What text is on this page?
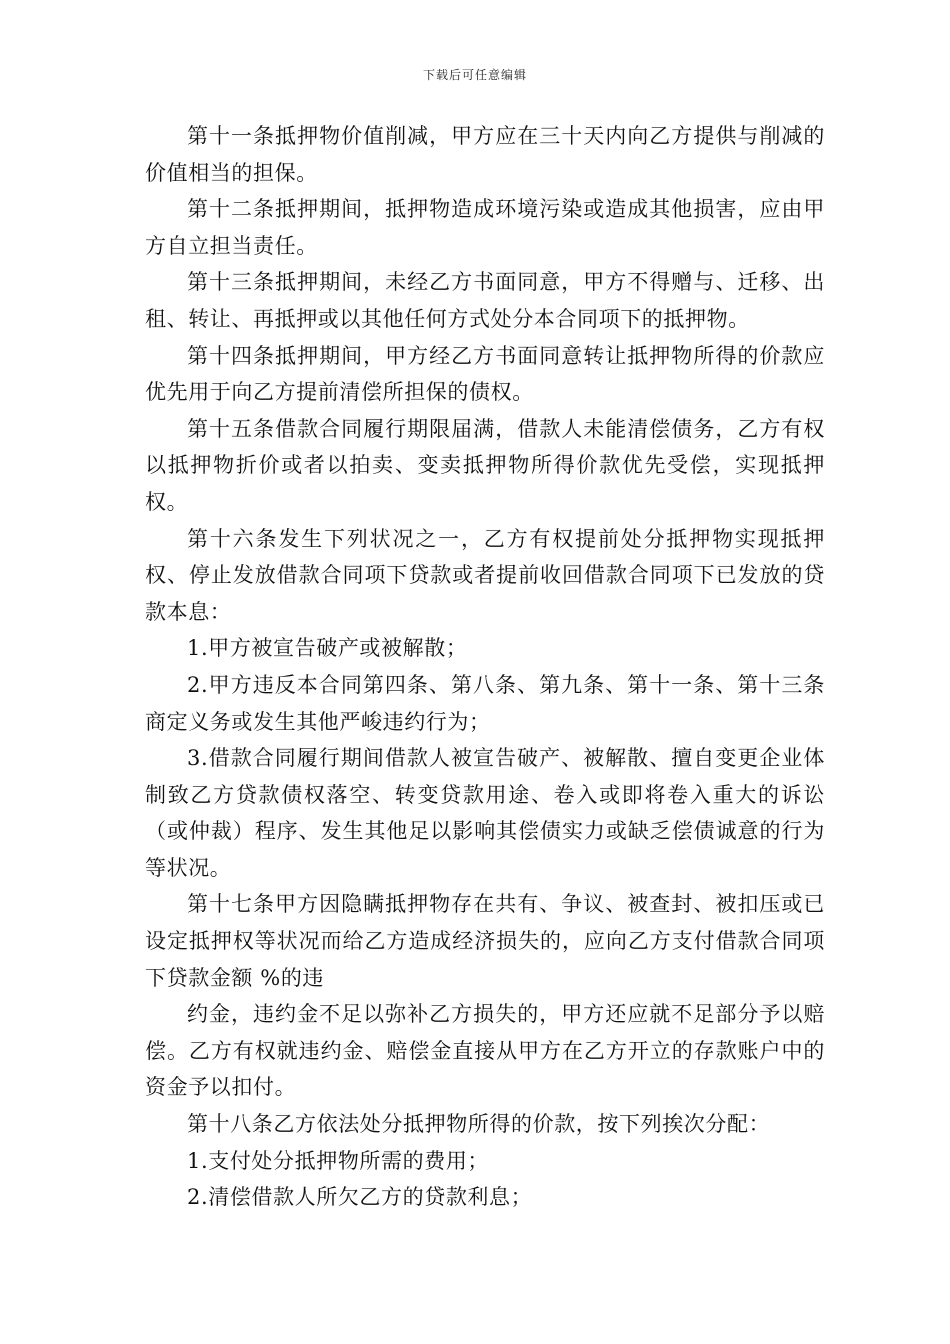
下载后可任意编辑

第十一条抵押物价值削减，甲方应在三十天内向乙方提供与削减的价值相当的担保。

第十二条抵押期间，抵押物造成环境污染或造成其他损害，应由甲方自立担当责任。

第十三条抵押期间，未经乙方书面同意，甲方不得赠与、迁移、出租、转让、再抵押或以其他任何方式处分本合同项下的抵押物。

第十四条抵押期间，甲方经乙方书面同意转让抵押物所得的价款应优先用于向乙方提前清偿所担保的债权。

第十五条借款合同履行期限届满，借款人未能清偿债务，乙方有权以抵押物折价或者以拍卖、变卖抵押物所得价款优先受偿，实现抵押权。

第十六条发生下列状况之一，乙方有权提前处分抵押物实现抵押权、停止发放借款合同项下贷款或者提前收回借款合同项下已发放的贷款本息：

1.甲方被宣告破产或被解散；

2.甲方违反本合同第四条、第八条、第九条、第十一条、第十三条商定义务或发生其他严峻违约行为；

3.借款合同履行期间借款人被宣告破产、被解散、擅自变更企业体制致乙方贷款债权落空、转变贷款用途、卷入或即将卷入重大的诉讼（或仲裁）程序、发生其他足以影响其偿债实力或缺乏偿债诚意的行为等状况。

第十七条甲方因隐瞒抵押物存在共有、争议、被查封、被扣压或已设定抵押权等状况而给乙方造成经济损失的，应向乙方支付借款合同项下贷款金额 %的违

约金，违约金不足以弥补乙方损失的，甲方还应就不足部分予以赔偿。乙方有权就违约金、赔偿金直接从甲方在乙方开立的存款账户中的资金予以扣付。

第十八条乙方依法处分抵押物所得的价款，按下列挨次分配：

1.支付处分抵押物所需的费用；

2.清偿借款人所欠乙方的贷款利息；
